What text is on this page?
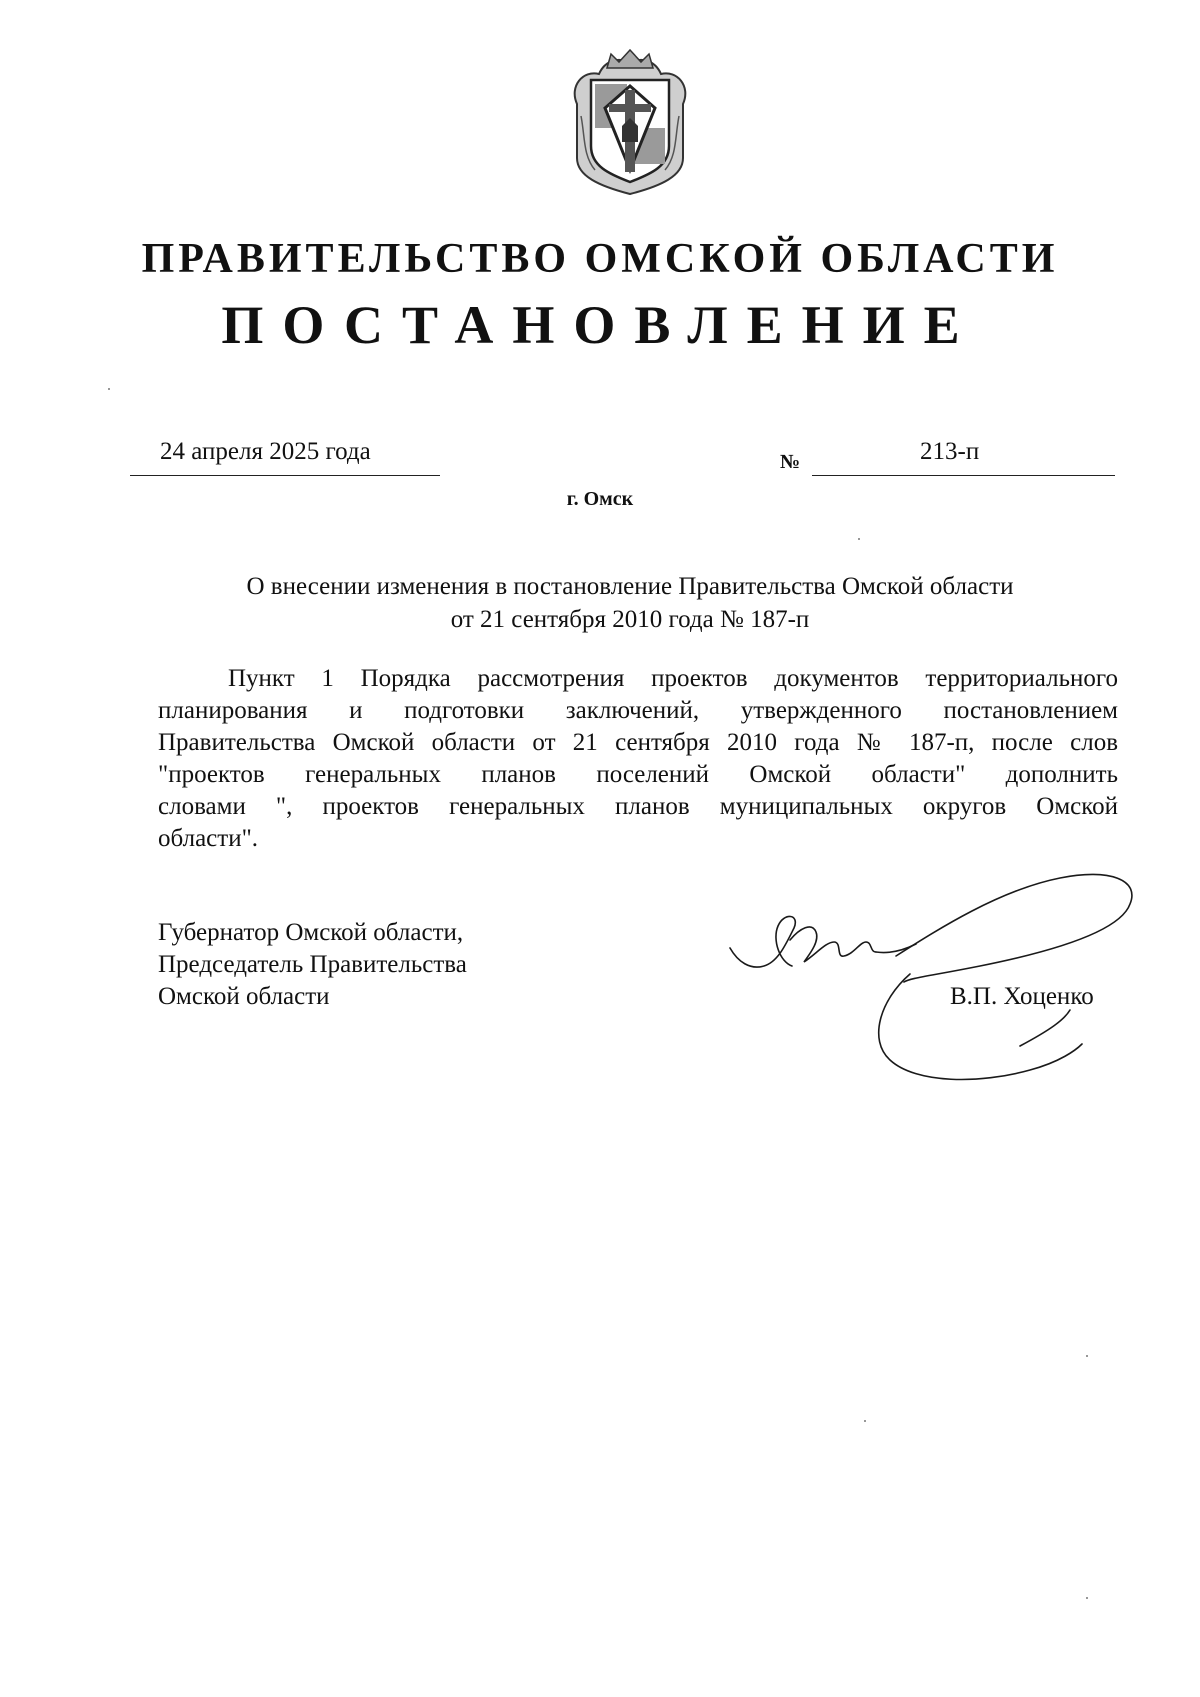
ПРАВИТЕЛЬСТВО ОМСКОЙ ОБЛАСТИ
ПОСТАНОВЛЕНИЕ
24 апреля 2025 года	№	213-п
г. Омск
О внесении изменения в постановление Правительства Омской области
от 21 сентября 2010 года № 187-п
Пункт 1 Порядка рассмотрения проектов документов территориального
планирования и подготовки заключений, утвержденного постановлением
Правительства Омской области от 21 сентября 2010 года № 187-п, после слов
"проектов генеральных планов поселений Омской области" дополнить
словами ", проектов генеральных планов муниципальных округов Омской
области".
Губернатор Омской области,
Председатель Правительства
Омской области	В.П. Хоценко
